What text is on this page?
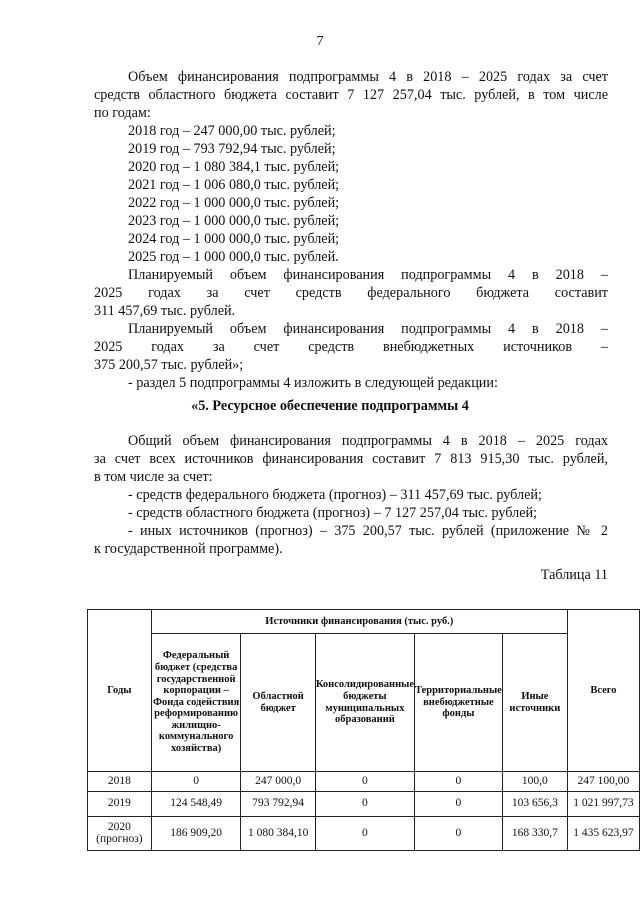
7
Объем финансирования подпрограммы 4 в 2018 – 2025 годах за счет
средств областного бюджета составит 7 127 257,04 тыс. рублей, в том числе
по годам:
2018 год – 247 000,00 тыс. рублей;
2019 год – 793 792,94 тыс. рублей;
2020 год – 1 080 384,1 тыс. рублей;
2021 год – 1 006 080,0 тыс. рублей;
2022 год – 1 000 000,0 тыс. рублей;
2023 год – 1 000 000,0 тыс. рублей;
2024 год – 1 000 000,0 тыс. рублей;
2025 год – 1 000 000,0 тыс. рублей.
Планируемый объем финансирования подпрограммы 4 в 2018 –
2025 годах за счет средств федерального бюджета составит
311 457,69 тыс. рублей.
Планируемый объем финансирования подпрограммы 4 в 2018 –
2025 годах за счет средств внебюджетных источников –
375 200,57 тыс. рублей»;
- раздел 5 подпрограммы 4 изложить в следующей редакции:
«5. Ресурсное обеспечение подпрограммы 4
Общий объем финансирования подпрограммы 4 в 2018 – 2025 годах
за счет всех источников финансирования составит 7 813 915,30 тыс. рублей,
в том числе за счет:
- средств федерального бюджета (прогноз) – 311 457,69 тыс. рублей;
- средств областного бюджета (прогноз) – 7 127 257,04 тыс. рублей;
- иных источников (прогноз) – 375 200,57 тыс. рублей (приложение № 2
к государственной программе).
Таблица 11
Годы	Источники финансирования (тыс. руб.)					Всего
	Федеральный бюджет (средства государственной корпорации – Фонда содействия реформированию жилищно-коммунального хозяйства)	Областной бюджет	Консолидированные бюджеты муниципальных образований	Территориальные внебюджетные фонды	Иные источники	
2018	0	247 000,0	0	0	100,0	247 100,00
2019	124 548,49	793 792,94	0	0	103 656,3	1 021 997,73
2020 (прогноз)	186 909,20	1 080 384,10	0	0	168 330,7	1 435 623,97
